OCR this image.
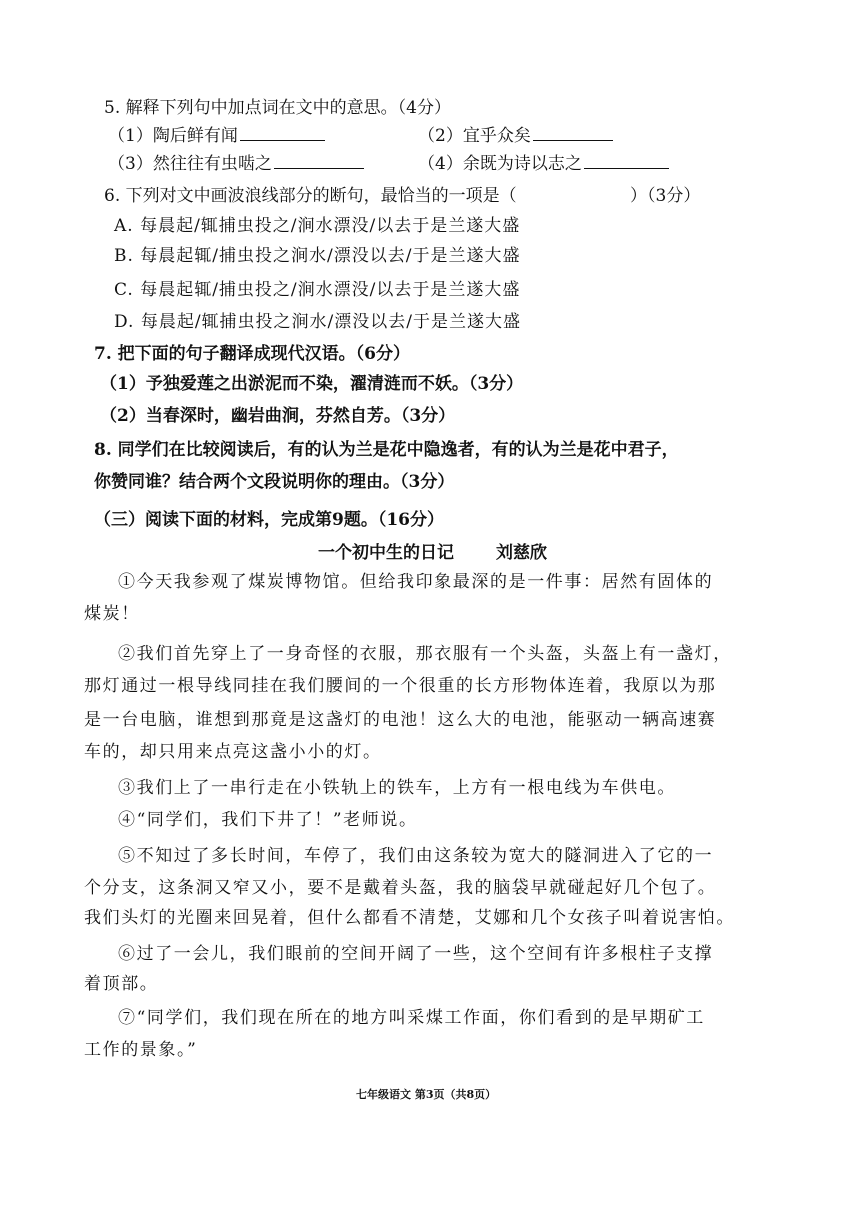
5. 解释下列句中加点词在文中的意思。（4分）
（1）陶后鲜有闻	（2）宜乎众矣
（3）然往往有虫啮之	（4）余既为诗以志之
6. 下列对文中画波浪线部分的断句，最恰当的一项是（	）（3分）
A. 每晨起/辄捕虫投之/涧水漂没/以去于是兰遂大盛
B. 每晨起辄/捕虫投之涧水/漂没以去/于是兰遂大盛
C. 每晨起辄/捕虫投之/涧水漂没/以去于是兰遂大盛
D. 每晨起/辄捕虫投之涧水/漂没以去/于是兰遂大盛
7. 把下面的句子翻译成现代汉语。（6分）
（1）予独爱莲之出淤泥而不染，濯清涟而不妖。（3分）
（2）当春深时，幽岩曲涧，芬然自芳。（3分）
8. 同学们在比较阅读后，有的认为兰是花中隐逸者，有的认为兰是花中君子，
你赞同谁？结合两个文段说明你的理由。（3分）
（三）阅读下面的材料，完成第9题。（16分）
一个初中生的日记 刘慈欣
①今天我参观了煤炭博物馆。但给我印象最深的是一件事：居然有固体的
煤炭！
②我们首先穿上了一身奇怪的衣服，那衣服有一个头盔，头盔上有一盏灯，
那灯通过一根导线同挂在我们腰间的一个很重的长方形物体连着，我原以为那
是一台电脑，谁想到那竟是这盏灯的电池！这么大的电池，能驱动一辆高速赛
车的，却只用来点亮这盏小小的灯。
③我们上了一串行走在小铁轨上的铁车，上方有一根电线为车供电。
④“同学们，我们下井了！”老师说。
⑤不知过了多长时间，车停了，我们由这条较为宽大的隧洞进入了它的一
个分支，这条洞又窄又小，要不是戴着头盔，我的脑袋早就碰起好几个包了。
我们头灯的光圈来回晃着，但什么都看不清楚，艾娜和几个女孩子叫着说害怕。
⑥过了一会儿，我们眼前的空间开阔了一些，这个空间有许多根柱子支撑
着顶部。
⑦“同学们，我们现在所在的地方叫采煤工作面，你们看到的是早期矿工
工作的景象。”
七年级语文 第3页（共8页）
